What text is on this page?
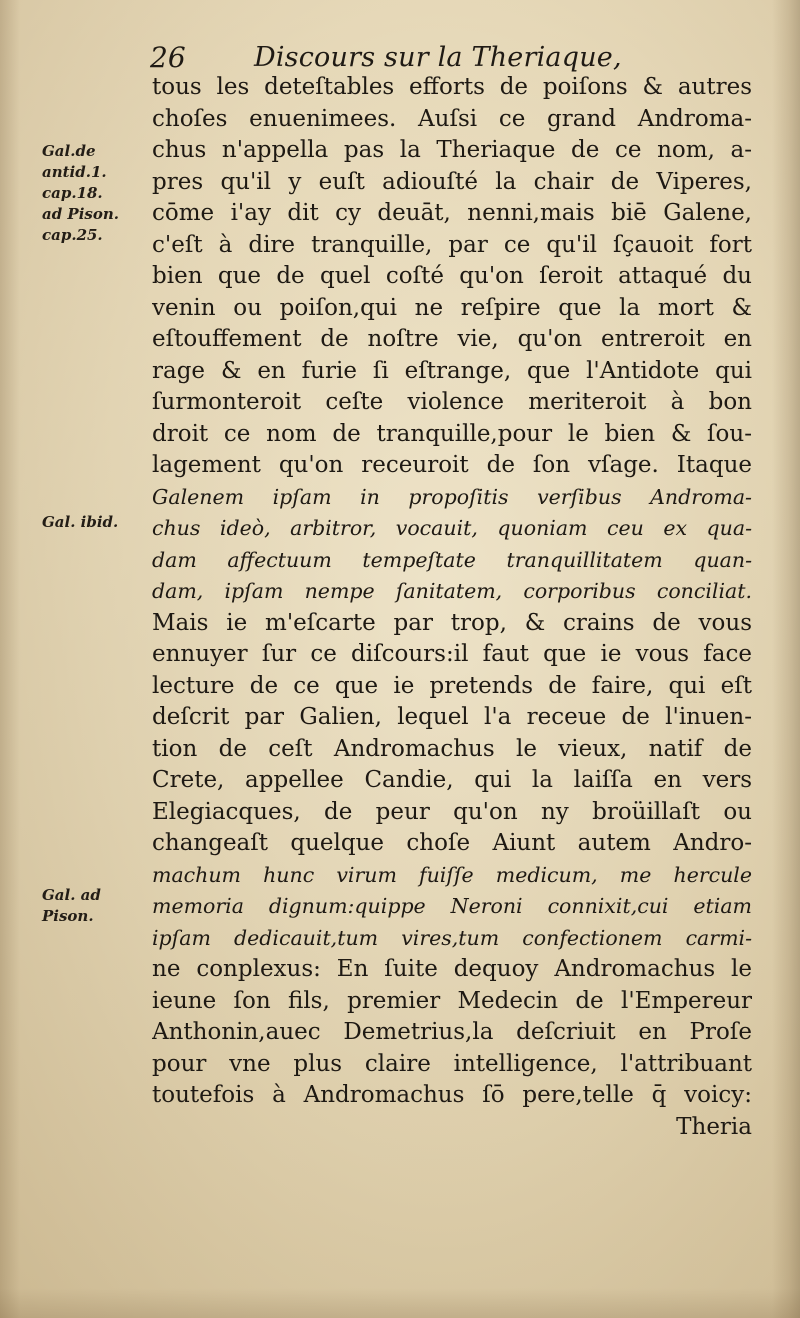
26	Discours sur la Theriaque,
Gal.de
antid.1.
cap.18.
ad Pison.
cap.25.
Gal. ibid.
Gal. ad
Pison.
tous les deteſtables efforts de poiſons & autres
choſes enuenimees. Auſsi ce grand Androma-
chus n'appella pas la Theriaque de ce nom, a-
pres qu'il y euſt adiouſté la chair de Viperes,
cōme i'ay dit cy deuāt, nenni,mais biē Galene,
c'eſt à dire tranquille, par ce qu'il ſçauoit fort
bien que de quel coſté qu'on ſeroit attaqué du
venin ou poiſon,qui ne reſpire que la mort &
eſtouffement de noſtre vie, qu'on entreroit en
rage & en furie ſi eſtrange, que l'Antidote qui
ſurmonteroit ceſte violence meriteroit à bon
droit ce nom de tranquille,pour le bien & ſou-
lagement qu'on receuroit de ſon vſage. Itaque
Galenem ipſam in propoſitis verſibus Androma-
chus ideò, arbitror, vocauit, quoniam ceu ex qua-
dam affectuum tempeſtate tranquillitatem quan-
dam, ipſam nempe ſanitatem, corporibus conciliat.
Mais ie m'eſcarte par trop, & crains de vous
ennuyer ſur ce diſcours:il faut que ie vous face
lecture de ce que ie pretends de faire, qui eſt
deſcrit par Galien, lequel l'a receue de l'inuen-
tion de ceſt Andromachus le vieux, natif de
Crete, appellee Candie, qui la laiſſa en vers
Elegiacques, de peur qu'on ny broüillaſt ou
changeaſt quelque choſe Aiunt autem Andro-
machum hunc virum fuiſſe medicum, me hercule
memoria dignum:quippe Neroni connixit,cui etiam
ipſam dedicauit,tum vires,tum confectionem carmi-
ne conplexus: En ſuite dequoy Andromachus le
ieune ſon fils, premier Medecin de l'Empereur
Anthonin,auec Demetrius,la deſcriuit en Proſe
pour vne plus claire intelligence, l'attribuant
toutefois à Andromachus ſō pere,telle q̄ voicy:
Theria
